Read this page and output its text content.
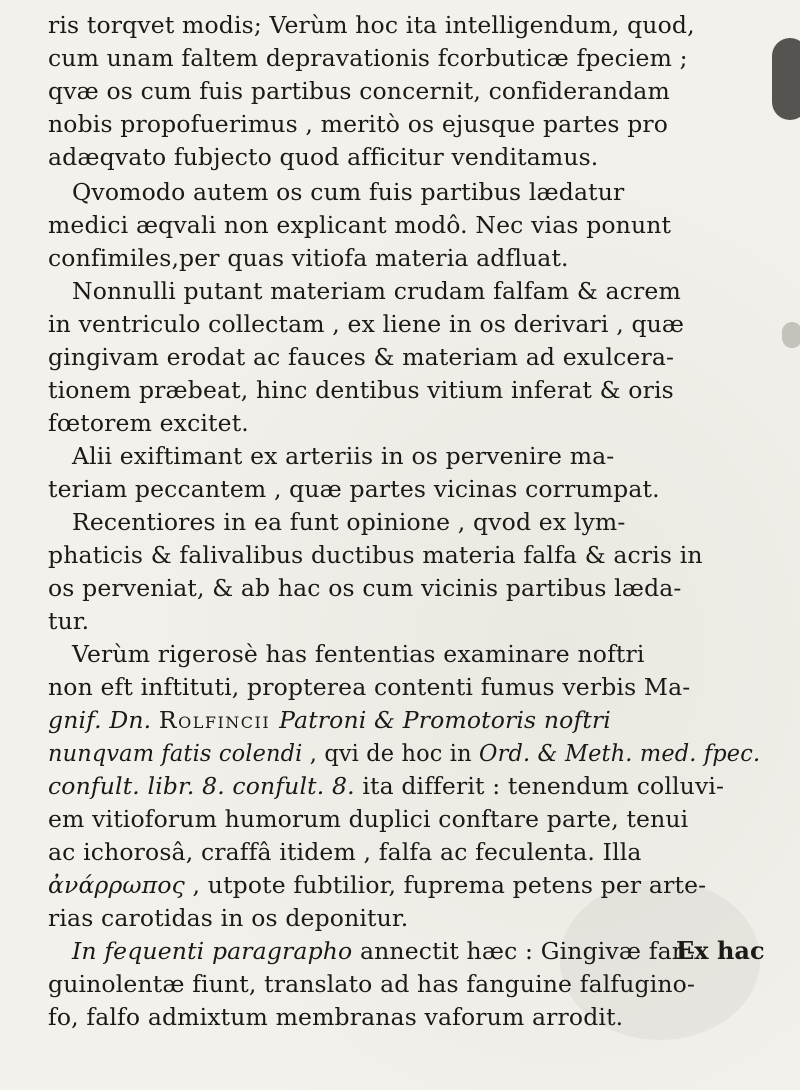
ris torqvet modis; Verùm hoc ita intelligendum, quod,
cum unam faltem depravationis fcorbuticæ fpeciem ;
qvæ os cum fuis partibus concernit, confiderandam
nobis propofuerimus , meritò os ejusque partes pro
adæqvato fubjecto quod afficitur venditamus.
Qvomodo autem os cum fuis partibus lædatur
medici æqvali non explicant modô. Nec vias ponunt
confimiles,per quas vitiofa materia adfluat.
Nonnulli putant materiam crudam falfam & acrem
in ventriculo collectam , ex liene in os derivari , quæ
gingivam erodat ac fauces & materiam ad exulcera-
tionem præbeat, hinc dentibus vitium inferat & oris
fœtorem excitet.
Alii exiftimant ex arteriis in os pervenire ma-
teriam peccantem , quæ partes vicinas corrumpat.
Recentiores in ea funt opinione , qvod ex lym-
phaticis & falivalibus ductibus materia falfa & acris in
os perveniat, & ab hac os cum vicinis partibus læda-
tur.
Verùm rigerosè has fententias examinare noftri
non eft inftituti, propterea contenti fumus verbis Ma-
gnif. Dn. Rolfincii Patroni & Promotoris noftri
nunqvam fatis colendi , qvi de hoc in Ord. & Meth. med. fpec.
confult. libr. 8. confult. 8. ita differit : tenendum colluvi-
em vitioforum humorum duplici conftare parte, tenui
ac ichorosâ, craffâ itidem , falfa ac feculenta. Illa
ἀνάρρωπος , utpote fubtilior, fuprema petens per arte-
rias carotidas in os deponitur.
In fequenti paragrapho annectit hæc : Gingivæ fan-
guinolentæ fiunt, translato ad has fanguine falfugino-
fo, falfo admixtum membranas vaforum arrodit.
Ex hac
